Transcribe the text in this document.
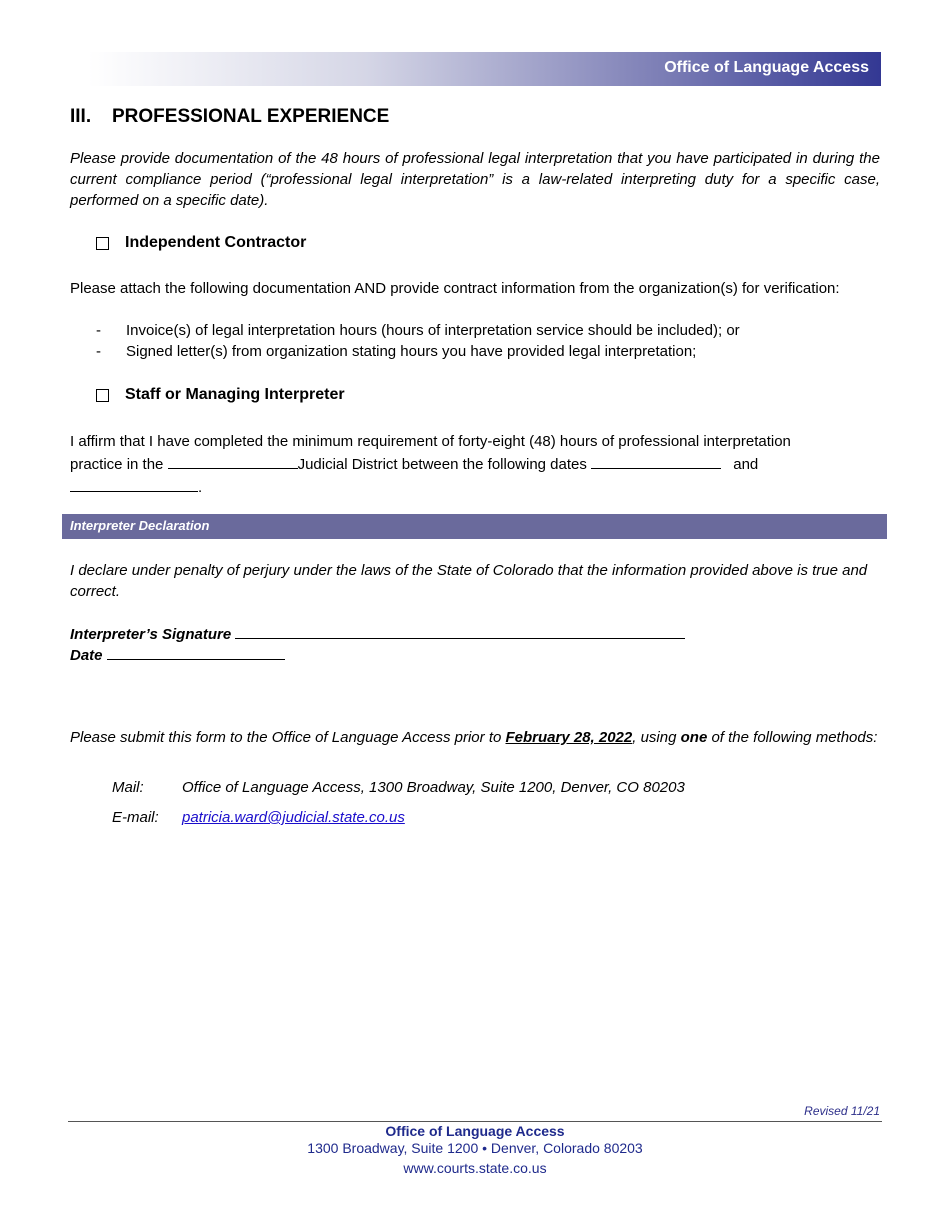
Office of Language Access
III. PROFESSIONAL EXPERIENCE
Please provide documentation of the 48 hours of professional legal interpretation that you have participated in during the current compliance period (“professional legal interpretation” is a law-related interpreting duty for a specific case, performed on a specific date).
Independent Contractor
Please attach the following documentation AND provide contract information from the organization(s) for verification:
-	Invoice(s) of legal interpretation hours (hours of interpretation service should be included); or
-	Signed letter(s) from organization stating hours you have provided legal interpretation;
Staff or Managing Interpreter
I affirm that I have completed the minimum requirement of forty-eight (48) hours of professional interpretation
practice in the	Judicial District between the following dates	and
.
Interpreter Declaration
I declare under penalty of perjury under the laws of the State of Colorado that the information provided above is true and correct.
Interpreter’s Signature
Date
Please submit this form to the Office of Language Access prior to February 28, 2022, using one of the following methods:
Mail:	Office of Language Access, 1300 Broadway, Suite 1200, Denver, CO 80203
E-mail:	patricia.ward@judicial.state.co.us
Revised 11/21
Office of Language Access
1300 Broadway, Suite 1200 • Denver, Colorado 80203
www.courts.state.co.us
